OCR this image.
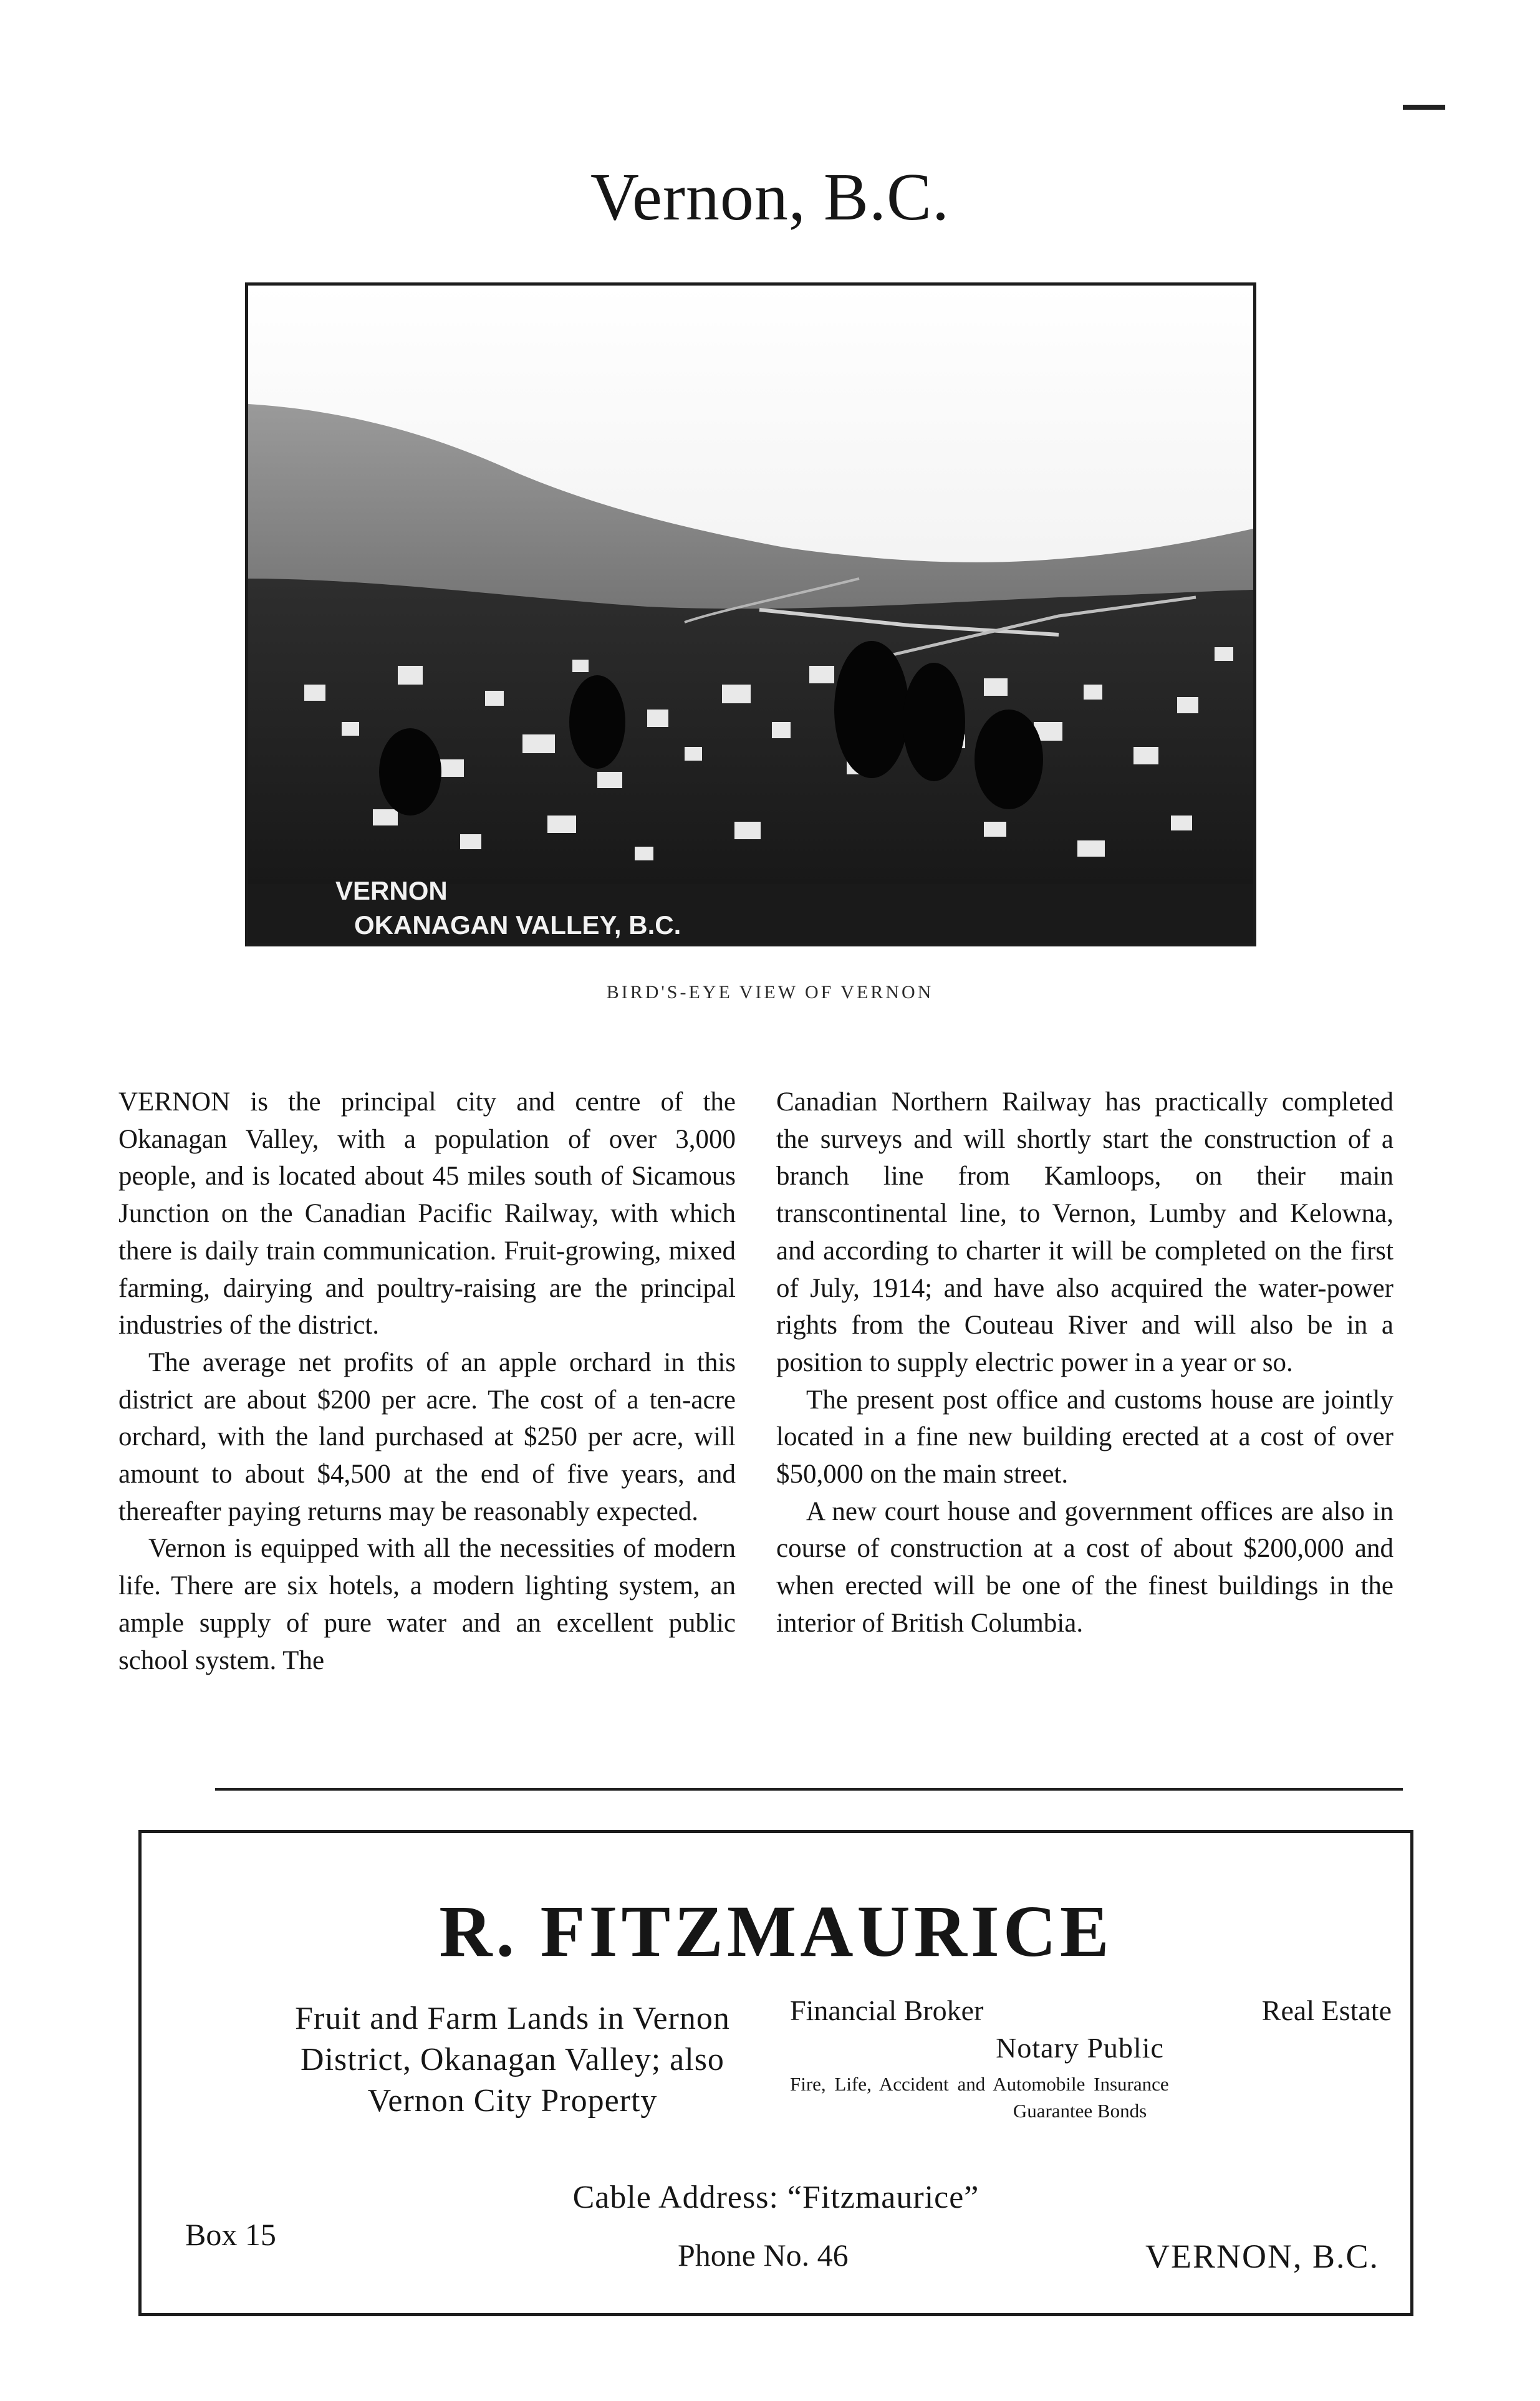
Vernon, B.C.
VERNON
OKANAGAN VALLEY, B.C.
BIRD'S-EYE VIEW OF VERNON

VERNON is the principal city and centre of the Okanagan Valley, with a population of over 3,000 people, and is located about 45 miles south of Sicamous Junction on the Canadian Pacific Railway, with which there is daily train communication. Fruit-growing, mixed farming, dairying and poultry-raising are the principal industries of the district.

The average net profits of an apple orchard in this district are about $200 per acre. The cost of a ten-acre orchard, with the land purchased at $250 per acre, will amount to about $4,500 at the end of five years, and thereafter paying returns may be reasonably expected.

Vernon is equipped with all the necessities of modern life. There are six hotels, a modern lighting system, an ample supply of pure water and an excellent public school system. The

Canadian Northern Railway has practically completed the surveys and will shortly start the construction of a branch line from Kamloops, on their main transcontinental line, to Vernon, Lumby and Kelowna, and according to charter it will be completed on the first of July, 1914; and have also acquired the water-power rights from the Couteau River and will also be in a position to supply electric power in a year or so.

The present post office and customs house are jointly located in a fine new building erected at a cost of over $50,000 on the main street.

A new court house and government offices are also in course of construction at a cost of about $200,000 and when erected will be one of the finest buildings in the interior of British Columbia.

R. FITZMAURICE
Fruit and Farm Lands in Vernon
District, Okanagan Valley; also
Vernon City Property
Financial Broker	Real Estate
Notary Public
Fire, Life, Accident and Automobile Insurance
Guarantee Bonds
Cable Address: “Fitzmaurice”
Box 15
Phone No. 46	VERNON, B.C.
